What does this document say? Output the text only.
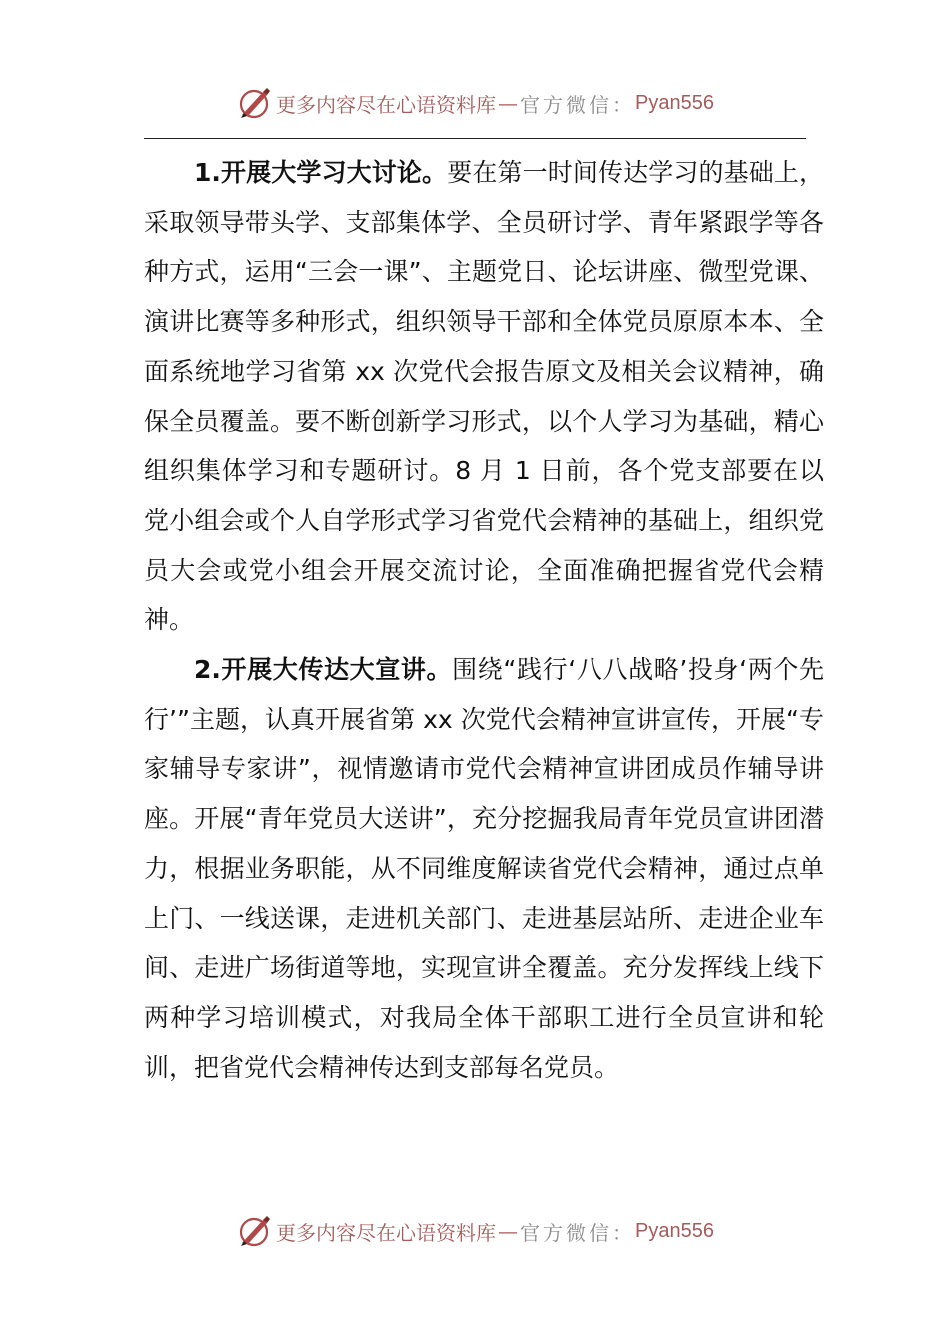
更多内容尽在心语资料库 — 官方微信： Pyan556

1.开展大学习大讨论。要在第一时间传达学习的基础上，采取领导带头学、支部集体学、全员研讨学、青年紧跟学等各种方式，运用“三会一课”、主题党日、论坛讲座、微型党课、演讲比赛等多种形式，组织领导干部和全体党员原原本本、全面系统地学习省第 xx 次党代会报告原文及相关会议精神，确保全员覆盖。要不断创新学习形式，以个人学习为基础，精心组织集体学习和专题研讨。8 月 1 日前，各个党支部要在以党小组会或个人自学形式学习省党代会精神的基础上，组织党员大会或党小组会开展交流讨论，全面准确把握省党代会精神。

2.开展大传达大宣讲。围绕“践行‘八八战略’投身‘两个先行’”主题，认真开展省第 xx 次党代会精神宣讲宣传，开展“专家辅导专家讲”，视情邀请市党代会精神宣讲团成员作辅导讲座。开展“青年党员大送讲”，充分挖掘我局青年党员宣讲团潜力，根据业务职能，从不同维度解读省党代会精神，通过点单上门、一线送课，走进机关部门、走进基层站所、走进企业车间、走进广场街道等地，实现宣讲全覆盖。充分发挥线上线下两种学习培训模式，对我局全体干部职工进行全员宣讲和轮训，把省党代会精神传达到支部每名党员。

更多内容尽在心语资料库 — 官方微信： Pyan556
